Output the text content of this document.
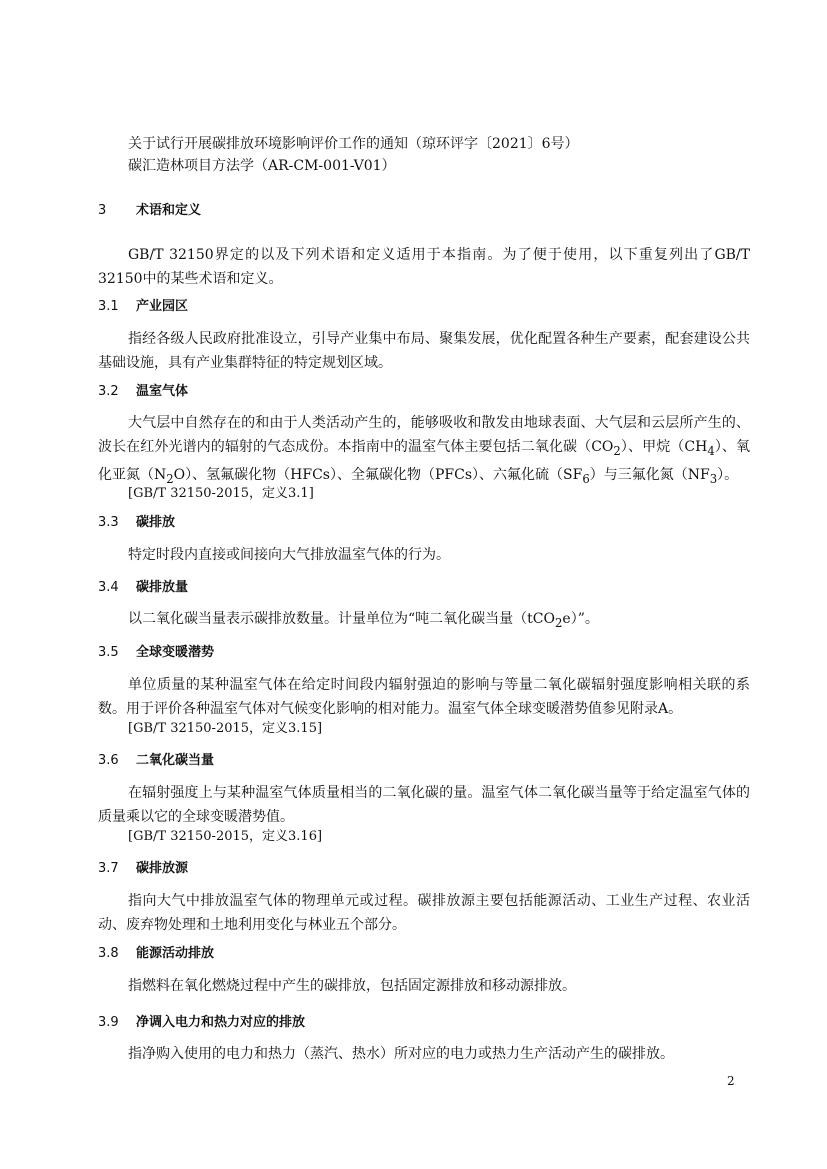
关于试行开展碳排放环境影响评价工作的通知（琼环评字〔2021〕6号）
碳汇造林项目方法学（AR-CM-001-V01）
3 术语和定义
GB/T 32150界定的以及下列术语和定义适用于本指南。为了便于使用，以下重复列出了GB/T 32150中的某些术语和定义。
3.1 产业园区
指经各级人民政府批准设立，引导产业集中布局、聚集发展，优化配置各种生产要素，配套建设公共基础设施，具有产业集群特征的特定规划区域。
3.2 温室气体
大气层中自然存在的和由于人类活动产生的，能够吸收和散发由地球表面、大气层和云层所产生的、波长在红外光谱内的辐射的气态成份。本指南中的温室气体主要包括二氧化碳$(CO_2)$、甲烷$(CH_4)$、氧化亚氮$(N_2O)$、氢氟碳化物（HFCs）、全氟碳化物（PFCs）、六氟化硫$(SF_6)$与三氟化氮$(NF_3)$。
[GB/T 32150-2015，定义3.1]
3.3 碳排放
特定时段内直接或间接向大气排放温室气体的行为。
3.4 碳排放量
以二氧化碳当量表示碳排放数量。计量单位为“吨二氧化碳当量（tCO$_2$e）”。
3.5 全球变暖潜势
单位质量的某种温室气体在给定时间段内辐射强迫的影响与等量二氧化碳辐射强度影响相关联的系数。用于评价各种温室气体对气候变化影响的相对能力。温室气体全球变暖潜势值参见附录A。
[GB/T 32150-2015，定义3.15]
3.6 二氧化碳当量
在辐射强度上与某种温室气体质量相当的二氧化碳的量。温室气体二氧化碳当量等于给定温室气体的质量乘以它的全球变暖潜势值。
[GB/T 32150-2015，定义3.16]
3.7 碳排放源
指向大气中排放温室气体的物理单元或过程。碳排放源主要包括能源活动、工业生产过程、农业活动、废弃物处理和土地利用变化与林业五个部分。
3.8 能源活动排放
指燃料在氧化燃烧过程中产生的碳排放，包括固定源排放和移动源排放。
3.9 净调入电力和热力对应的排放
指净购入使用的电力和热力（蒸汽、热水）所对应的电力或热力生产活动产生的碳排放。
2
